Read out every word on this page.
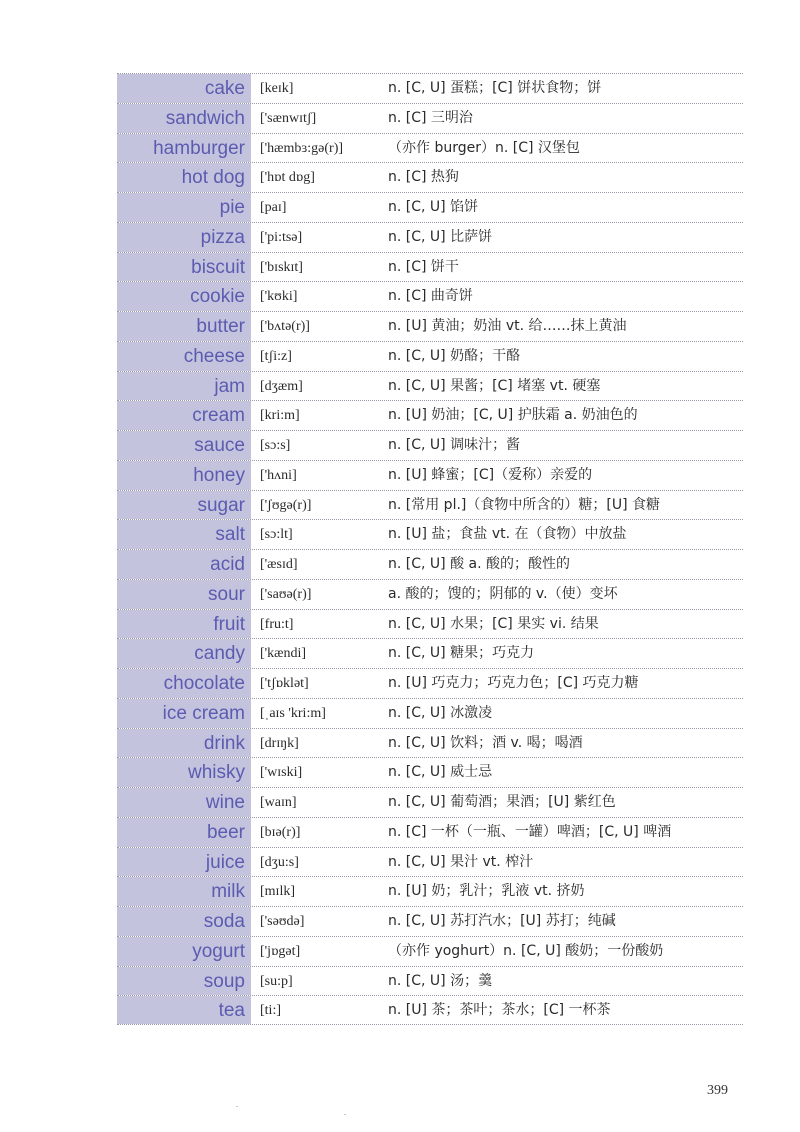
cake	[keɪk]	n. [C, U] 蛋糕；[C] 饼状食物；饼
sandwich	['sænwɪtʃ]	n. [C] 三明治
hamburger	['hæmbɜ:gə(r)]	（亦作 burger）n. [C] 汉堡包
hot dog	['hɒt dɒg]	n. [C] 热狗
pie	[paɪ]	n. [C, U] 馅饼
pizza	['pi:tsə]	n. [C, U] 比萨饼
biscuit	['bɪskɪt]	n. [C] 饼干
cookie	['kʊki]	n. [C] 曲奇饼
butter	['bʌtə(r)]	n. [U] 黄油；奶油 vt. 给……抹上黄油
cheese	[tʃi:z]	n. [C, U] 奶酪；干酪
jam	[dʒæm]	n. [C, U] 果酱；[C] 堵塞 vt. 硬塞
cream	[kri:m]	n. [U] 奶油；[C, U] 护肤霜 a. 奶油色的
sauce	[sɔ:s]	n. [C, U] 调味汁；酱
honey	['hʌni]	n. [U] 蜂蜜；[C]（爱称）亲爱的
sugar	['ʃʊgə(r)]	n. [常用 pl.]（食物中所含的）糖；[U] 食糖
salt	[sɔ:lt]	n. [U] 盐；食盐 vt. 在（食物）中放盐
acid	['æsɪd]	n. [C, U] 酸 a. 酸的；酸性的
sour	['saʊə(r)]	a. 酸的；馊的；阴郁的 v.（使）变坏
fruit	[fru:t]	n. [C, U] 水果；[C] 果实 vi. 结果
candy	['kændi]	n. [C, U] 糖果；巧克力
chocolate	['tʃɒklət]	n. [U] 巧克力；巧克力色；[C] 巧克力糖
ice cream	[ˌaɪs 'kri:m]	n. [C, U] 冰激凌
drink	[drɪŋk]	n. [C, U] 饮料；酒 v. 喝；喝酒
whisky	['wɪski]	n. [C, U] 威士忌
wine	[waɪn]	n. [C, U] 葡萄酒；果酒；[U] 紫红色
beer	[bɪə(r)]	n. [C] 一杯（一瓶、一罐）啤酒；[C, U] 啤酒
juice	[dʒu:s]	n. [C, U] 果汁 vt. 榨汁
milk	[mɪlk]	n. [U] 奶；乳汁；乳液 vt. 挤奶
soda	['səʊdə]	n. [C, U] 苏打汽水；[U] 苏打；纯碱
yogurt	['jɒgət]	（亦作 yoghurt）n. [C, U] 酸奶；一份酸奶
soup	[su:p]	n. [C, U] 汤；羹
tea	[ti:]	n. [U] 茶；茶叶；茶水；[C] 一杯茶
399
